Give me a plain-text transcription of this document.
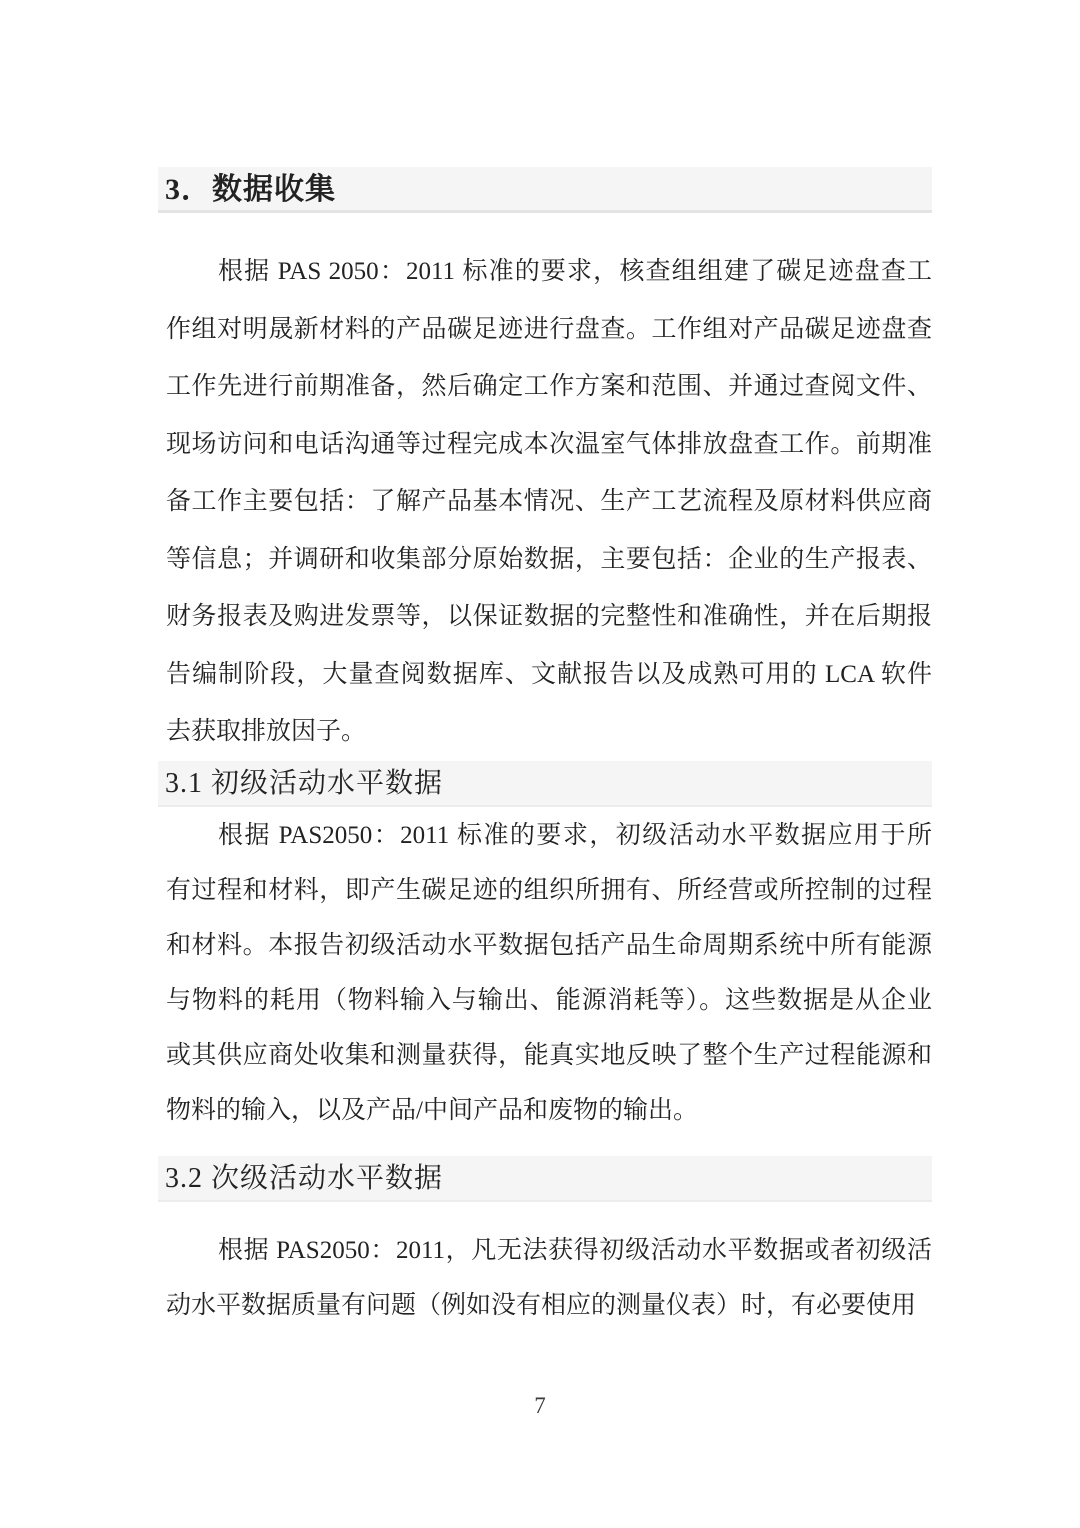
3．数据收集
根据 PAS 2050：2011 标准的要求，核查组组建了碳足迹盘查工
作组对明晟新材料的产品碳足迹进行盘查。工作组对产品碳足迹盘查
工作先进行前期准备，然后确定工作方案和范围、并通过查阅文件、
现场访问和电话沟通等过程完成本次温室气体排放盘查工作。前期准
备工作主要包括：了解产品基本情况、生产工艺流程及原材料供应商
等信息；并调研和收集部分原始数据，主要包括：企业的生产报表、
财务报表及购进发票等，以保证数据的完整性和准确性，并在后期报
告编制阶段，大量查阅数据库、文献报告以及成熟可用的 LCA 软件
去获取排放因子。
3.1 初级活动水平数据
根据 PAS2050：2011 标准的要求，初级活动水平数据应用于所
有过程和材料，即产生碳足迹的组织所拥有、所经营或所控制的过程
和材料。本报告初级活动水平数据包括产品生命周期系统中所有能源
与物料的耗用（物料输入与输出、能源消耗等）。这些数据是从企业
或其供应商处收集和测量获得，能真实地反映了整个生产过程能源和
物料的输入，以及产品/中间产品和废物的输出。
3.2 次级活动水平数据
根据 PAS2050：2011，凡无法获得初级活动水平数据或者初级活
动水平数据质量有问题（例如没有相应的测量仪表）时，有必要使用
7
